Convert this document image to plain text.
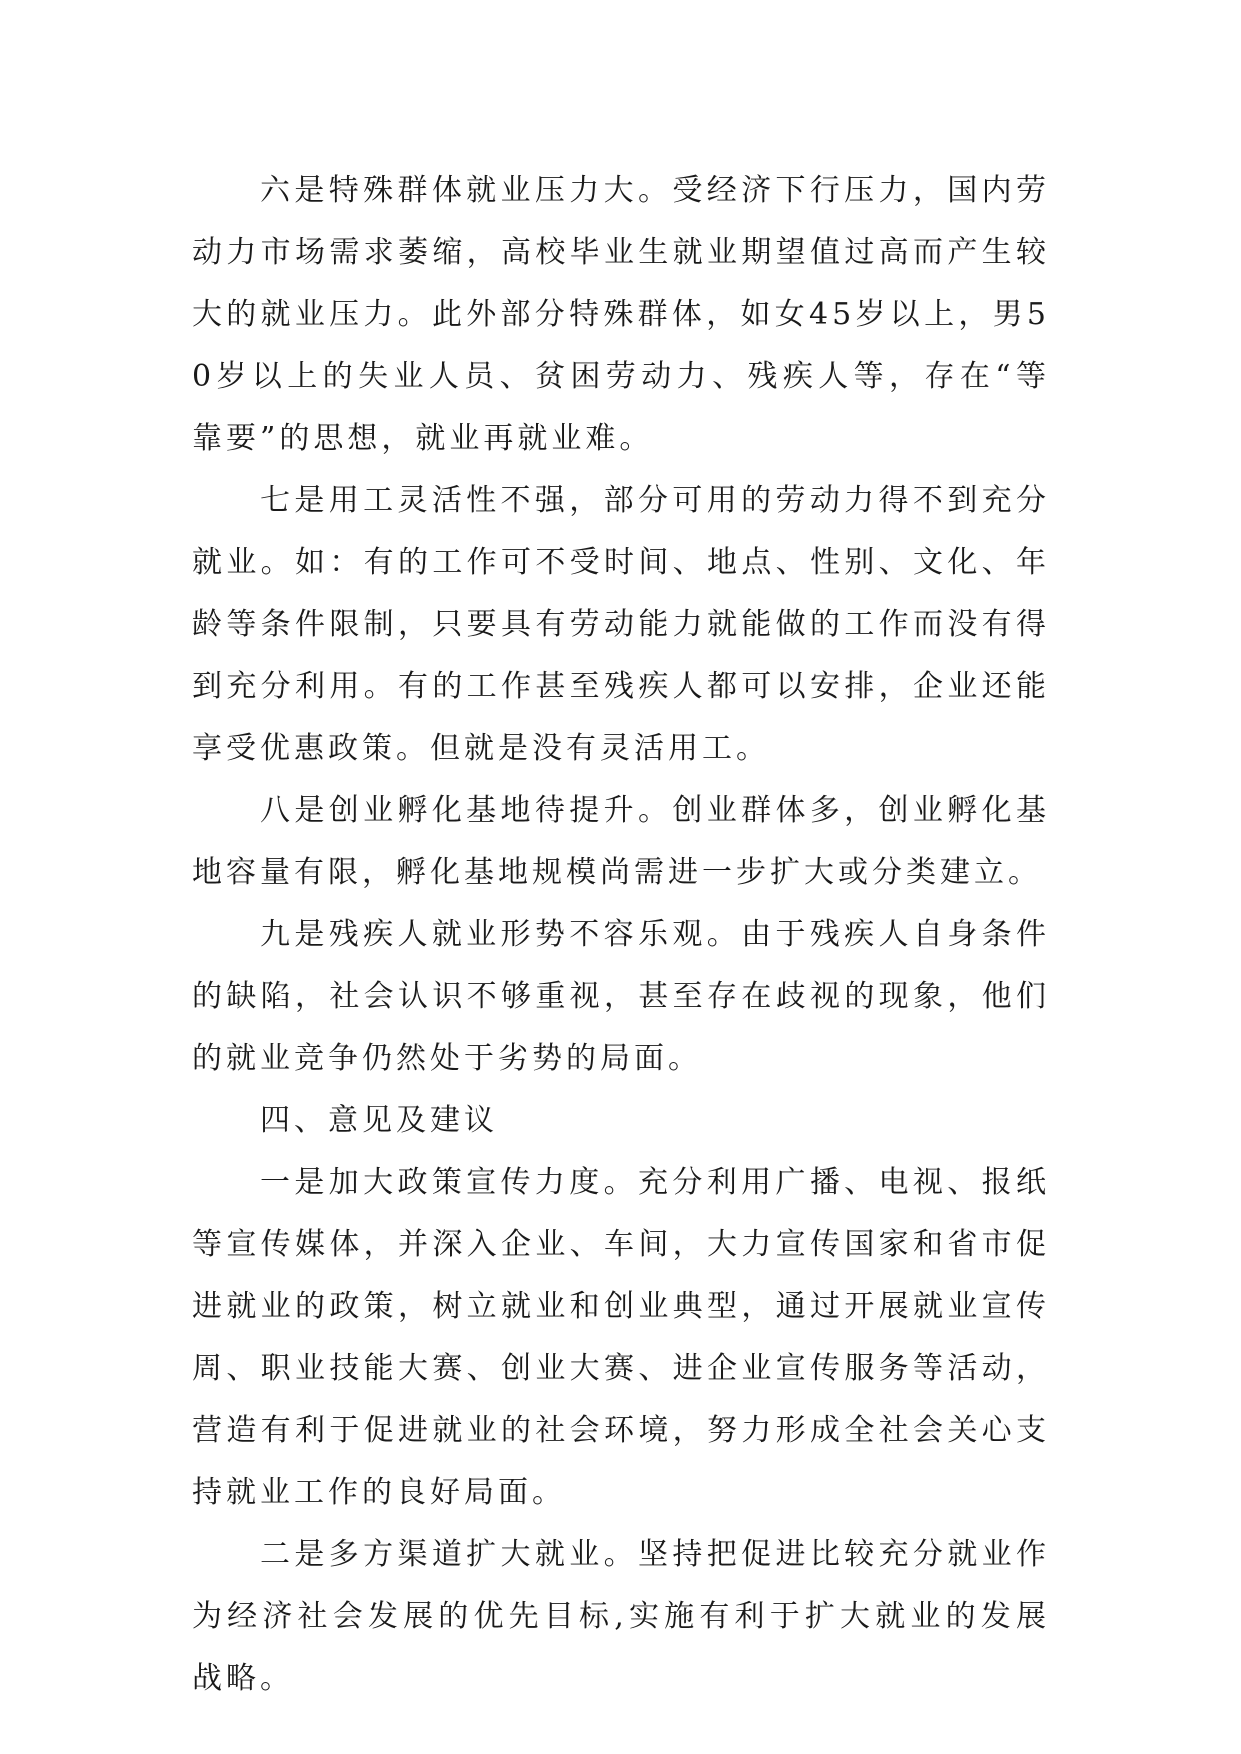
六是特殊群体就业压力大。受经济下行压力，国内劳动力市场需求萎缩，高校毕业生就业期望值过高而产生较大的就业压力。此外部分特殊群体，如女45岁以上，男50岁以上的失业人员、贫困劳动力、残疾人等，存在“等靠要”的思想，就业再就业难。

七是用工灵活性不强，部分可用的劳动力得不到充分就业。如：有的工作可不受时间、地点、性别、文化、年龄等条件限制，只要具有劳动能力就能做的工作而没有得到充分利用。有的工作甚至残疾人都可以安排，企业还能享受优惠政策。但就是没有灵活用工。

八是创业孵化基地待提升。创业群体多，创业孵化基地容量有限，孵化基地规模尚需进一步扩大或分类建立。

九是残疾人就业形势不容乐观。由于残疾人自身条件的缺陷，社会认识不够重视，甚至存在歧视的现象，他们的就业竞争仍然处于劣势的局面。

四、意见及建议

一是加大政策宣传力度。充分利用广播、电视、报纸等宣传媒体，并深入企业、车间，大力宣传国家和省市促进就业的政策，树立就业和创业典型，通过开展就业宣传周、职业技能大赛、创业大赛、进企业宣传服务等活动，营造有利于促进就业的社会环境，努力形成全社会关心支持就业工作的良好局面。

二是多方渠道扩大就业。坚持把促进比较充分就业作为经济社会发展的优先目标,实施有利于扩大就业的发展战略。
